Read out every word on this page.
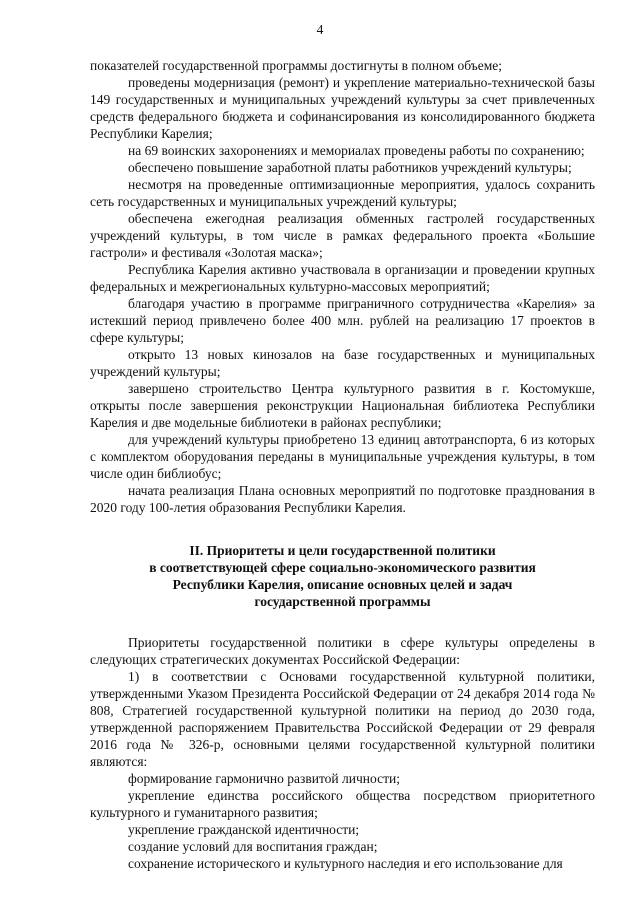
4

показателей государственной программы достигнуты в полном объеме;

проведены модернизация (ремонт) и укрепление материально-технической базы 149 государственных и муниципальных учреждений культуры за счет привлеченных средств федерального бюджета и софинансирования из консолидированного бюджета Республики Карелия;

на 69 воинских захоронениях и мемориалах проведены работы по сохранению;

обеспечено повышение заработной платы работников учреждений культуры;

несмотря на проведенные оптимизационные мероприятия, удалось сохранить сеть государственных и муниципальных учреждений культуры;

обеспечена ежегодная реализация обменных гастролей государственных учреждений культуры, в том числе в рамках федерального проекта «Большие гастроли» и фестиваля «Золотая маска»;

Республика Карелия активно участвовала в организации и проведении крупных федеральных и межрегиональных культурно-массовых мероприятий;

благодаря участию в программе приграничного сотрудничества «Карелия» за истекший период привлечено более 400 млн. рублей на реализацию 17 проектов в сфере культуры;

открыто 13 новых кинозалов на базе государственных и муниципальных учреждений культуры;

завершено строительство Центра культурного развития в г. Костомукше, открыты после завершения реконструкции Национальная библиотека Республики Карелия и две модельные библиотеки в районах республики;

для учреждений культуры приобретено 13 единиц автотранспорта, 6 из которых с комплектом оборудования переданы в муниципальные учреждения культуры, в том числе один библиобус;

начата реализация Плана основных мероприятий по подготовке празднования в 2020 году 100-летия образования Республики Карелия.

II. Приоритеты и цели государственной политики
в соответствующей сфере социально-экономического развития
Республики Карелия, описание основных целей и задач
государственной программы

Приоритеты государственной политики в сфере культуры определены в следующих стратегических документах Российской Федерации:

1) в соответствии с Основами государственной культурной политики, утвержденными Указом Президента Российской Федерации от 24 декабря 2014 года № 808, Стратегией государственной культурной политики на период до 2030 года, утвержденной распоряжением Правительства Российской Федерации от 29 февраля 2016 года № 326-р, основными целями государственной культурной политики являются:

формирование гармонично развитой личности;

укрепление единства российского общества посредством приоритетного культурного и гуманитарного развития;

укрепление гражданской идентичности;

создание условий для воспитания граждан;

сохранение исторического и культурного наследия и его использование для
